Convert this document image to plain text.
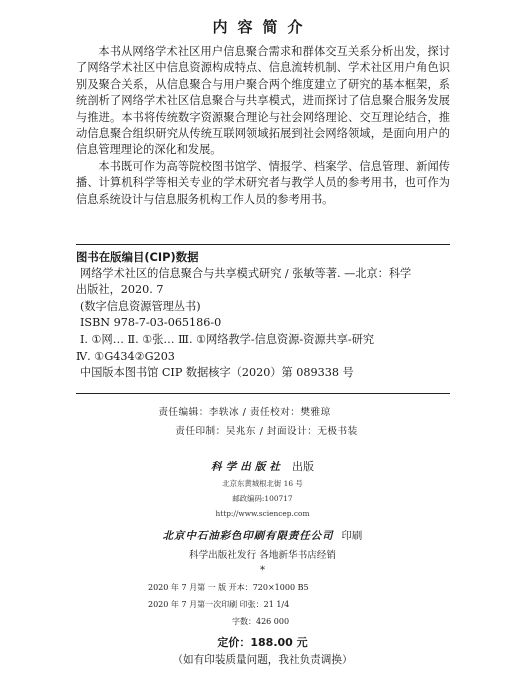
内容简介

本书从网络学术社区用户信息聚合需求和群体交互关系分析出发，探讨了网络学术社区中信息资源构成特点、信息流转机制、学术社区用户角色识别及聚合关系，从信息聚合与用户聚合两个维度建立了研究的基本框架，系统剖析了网络学术社区信息聚合与共享模式，进而探讨了信息聚合服务发展与推进。本书将传统数字资源聚合理论与社会网络理论、交互理论结合，推动信息聚合组织研究从传统互联网领域拓展到社会网络领域，是面向用户的信息管理理论的深化和发展。

本书既可作为高等院校图书馆学、情报学、档案学、信息管理、新闻传播、计算机科学等相关专业的学术研究者与教学人员的参考用书，也可作为信息系统设计与信息服务机构工作人员的参考用书。

图书在版编目(CIP)数据
网络学术社区的信息聚合与共享模式研究 / 张敏等著. —北京：科学
出版社，2020. 7
(数字信息资源管理丛书)
ISBN 978-7-03-065186-0
Ⅰ. ①网… Ⅱ. ①张… Ⅲ. ①网络教学-信息资源-资源共享-研究
Ⅳ. ①G434②G203
中国版本图书馆 CIP 数据核字（2020）第 089338 号
责任编辑：李轶冰 / 责任校对：樊雅琼
责任印制：吴兆东 / 封面设计：无极书装
科学出版社 出版
北京东黄城根北街 16 号
邮政编码:100717
http://www.sciencep.com
北京中石油彩色印刷有限责任公司 印刷
科学出版社发行 各地新华书店经销
*
2020 年 7 月第 一 版 开本：720×1000 B5
2020 年 7 月第一次印刷 印张：21 1/4
字数：426 000
定价：188.00 元
（如有印装质量问题，我社负责调换）
